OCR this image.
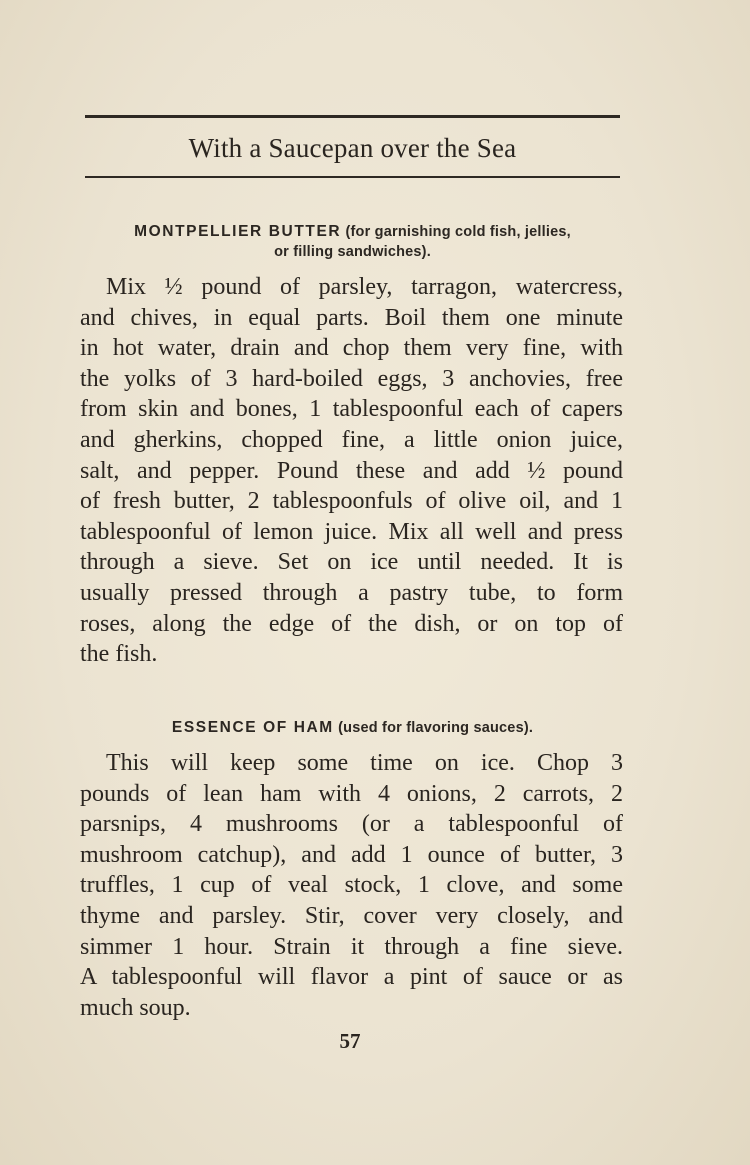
With a Saucepan over the Sea
MONTPELLIER BUTTER (for garnishing cold fish, jellies,
or filling sandwiches).
Mix ½ pound of parsley, tarragon, watercress,
and chives, in equal parts. Boil them one minute
in hot water, drain and chop them very fine, with
the yolks of 3 hard-boiled eggs, 3 anchovies, free
from skin and bones, 1 tablespoonful each of capers
and gherkins, chopped fine, a little onion juice,
salt, and pepper. Pound these and add ½ pound
of fresh butter, 2 tablespoonfuls of olive oil, and 1
tablespoonful of lemon juice. Mix all well and press
through a sieve. Set on ice until needed. It is
usually pressed through a pastry tube, to form
roses, along the edge of the dish, or on top of
the fish.
ESSENCE OF HAM (used for flavoring sauces).
This will keep some time on ice. Chop 3
pounds of lean ham with 4 onions, 2 carrots, 2
parsnips, 4 mushrooms (or a tablespoonful of
mushroom catchup), and add 1 ounce of butter, 3
truffles, 1 cup of veal stock, 1 clove, and some
thyme and parsley. Stir, cover very closely, and
simmer 1 hour. Strain it through a fine sieve.
A tablespoonful will flavor a pint of sauce or as
much soup.
57
